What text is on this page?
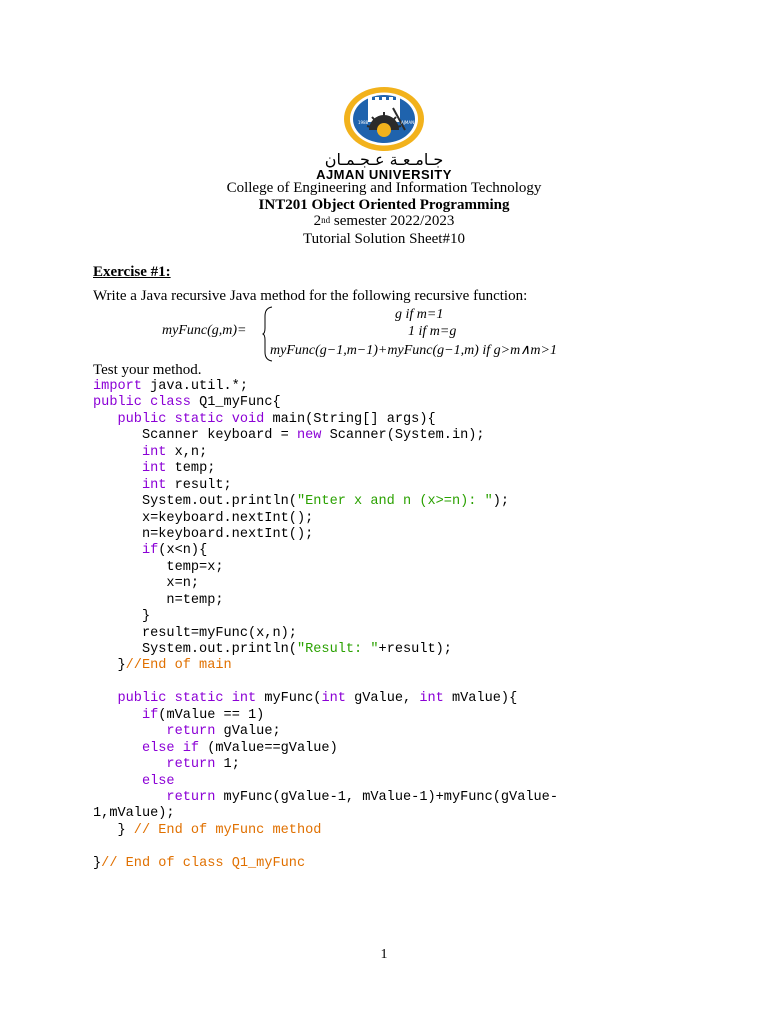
1988	AJMAN
جـامـعـة عـجـمـان
AJMAN UNIVERSITY
College of Engineering and Information Technology
INT201 Object Oriented Programming
2nd semester 2022/2023
Tutorial Solution Sheet#10
Exercise #1:
Write a Java recursive Java method for the following recursive function:
myFunc(g,m)=
g if m=1
1 if m=g
myFunc(g−1,m−1)+myFunc(g−1,m) if g>m∧m>1
Test your method.
import java.util.*;
public class Q1_myFunc{
public static void main(String[] args){
Scanner keyboard = new Scanner(System.in);
int x,n;
int temp;
int result;
System.out.println("Enter x and n (x>=n): ");
x=keyboard.nextInt();
n=keyboard.nextInt();
if(x<n){
temp=x;
x=n;
n=temp;
}
result=myFunc(x,n);
System.out.println("Result: "+result);
}//End of main
public static int myFunc(int gValue, int mValue){
if(mValue == 1)
return gValue;
else if (mValue==gValue)
return 1;
else
return myFunc(gValue-1, mValue-1)+myFunc(gValue-
1,mValue);
} // End of myFunc method
}// End of class Q1_myFunc
1
